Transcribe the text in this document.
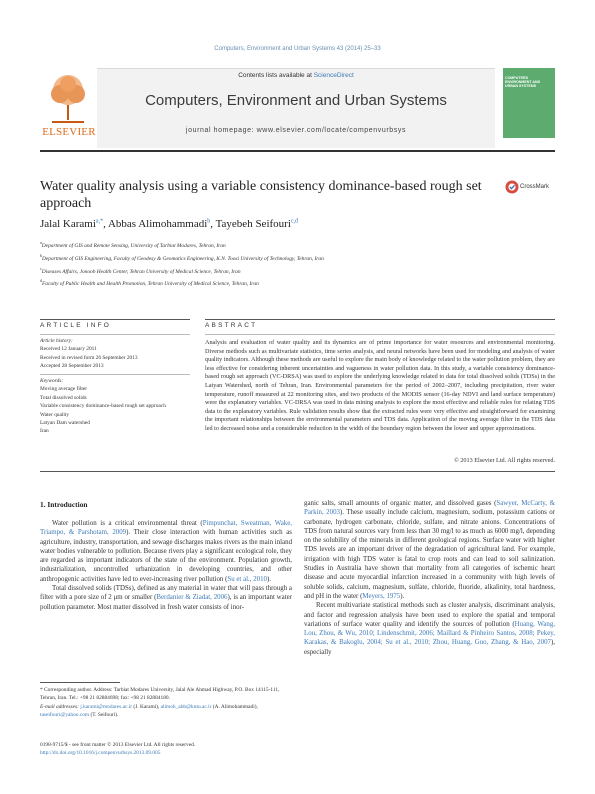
Computers, Environment and Urban Systems 43 (2014) 25–33
Contents lists available at ScienceDirect
Computers, Environment and Urban Systems
journal homepage: www.elsevier.com/locate/compenvurbsys
ELSEVIER
COMPUTERS ENVIRONMENT AND URBAN SYSTEMS
Water quality analysis using a variable consistency dominance-based rough set approach
CrossMark
Jalal Karami$^{a,*}$, Abbas Alimohammadi$^b$, Tayebeh Seifouri$^{c,d}$
$^a$Department of GIS and Remote Sensing, University of Tarbiat Modares, Tehran, Iran
$^b$Department of GIS Engineering, Faculty of Geodesy & Geomatics Engineering, K.N. Toosi University of Technology, Tehran, Iran
$^c$Diseases Affairs, Jonoob Health Center, Tehran University of Medical Science, Tehran, Iran
$^d$Faculty of Public Health and Health Promotion, Tehran University of Medical Science, Tehran, Iran
ARTICLE INFO	ABSTRACT
Article history:
Received 12 January 2011
Received in revised form 26 September 2013
Accepted 28 September 2013
Keywords:
Moving average filter
Total dissolved solids
Variable consistency dominance-based rough set approach
Water quality
Latyan Dam watershed
Iran
Analysis and evaluation of water quality and its dynamics are of prime importance for water resources and environmental monitoring. Diverse methods such as multivariate statistics, time series analysis, and neural networks have been used for modeling and analysis of water quality indicators. Although these methods are useful to explore the main body of knowledge related to the water pollution problem, they are less effective for considering inherent uncertainties and vagueness in water pollution data. In this study, a variable consistency dominance-based rough set approach (VC-DRSA) was used to explore the underlying knowledge related to data for total dissolved solids (TDSs) in the Latyan Watershed, north of Tehran, Iran. Environmental parameters for the period of 2002–2007, including precipitation, river water temperature, runoff measured at 22 monitoring sites, and two products of the MODIS sensor (16-day NDVI and land surface temperature) were the explanatory variables. VC-DRSA was used in data mining analysis to explore the most effective and reliable rules for relating TDS data to the explanatory variables. Rule validation results show that the extracted rules were very effective and straightforward for examining the important relationships between the environmental parameters and TDS data. Application of the moving average filter in the TDS data led to decreased noise and a considerable reduction in the width of the boundary region between the lower and upper approximations.
© 2013 Elsevier Ltd. All rights reserved.
1. Introduction

Water pollution is a critical environmental threat (Pimpunchat, Sweatman, Wake, Triampo, & Parshotam, 2009). Their close interaction with human activities such as agriculture, industry, transportation, and sewage discharges makes rivers as the main inland water bodies vulnerable to pollution. Because rivers play a significant ecological role, they are regarded as important indicators of the state of the environment. Population growth, industrialization, uncontrolled urbanization in developing countries, and other anthropogenic activities have led to ever-increasing river pollution (Su et al., 2010).

Total dissolved solids (TDSs), defined as any material in water that will pass through a filter with a pore size of 2 μm or smaller (Berdanier & Ziadat, 2006), is an important water pollution parameter. Most matter dissolved in fresh water consists of inor-

ganic salts, small amounts of organic matter, and dissolved gases (Sawyer, McCarty, & Parkin, 2003). These usually include calcium, magnesium, sodium, potassium cations or carbonate, hydrogen carbonate, chloride, sulfate, and nitrate anions. Concentrations of TDS from natural sources vary from less than 30 mg/l to as much as 6000 mg/l, depending on the solubility of the minerals in different geological regions. Surface water with higher TDS levels are an important driver of the degradation of agricultural land. For example, irrigation with high TDS water is fatal to crop roots and can lead to soil salinization. Studies in Australia have shown that mortality from all categories of ischemic heart disease and acute myocardial infarction increased in a community with high levels of soluble solids, calcium, magnesium, sulfate, chloride, fluoride, alkalinity, total hardness, and pH in the water (Meyers, 1975).

Recent multivariate statistical methods such as cluster analysis, discriminant analysis, and factor and regression analysis have been used to explore the spatial and temporal variations of surface water quality and identify the sources of pollution (Huang, Wang, Lou, Zhou, & Wu, 2010; Lindenschmit, 2006; Maillard & Pinheiro Santos, 2008; Pekey, Karakas, & Bakoglu, 2004; Su et al., 2010; Zhou, Huang, Guo, Zhang, & Hao, 2007), especially

* Corresponding author. Address: Tarbiat Modares University, Jalal Ale Ahmad Highway, P.O. Box 14115-111, Tehran, Iran. Tel.: +98 21 82884698; fax: +98 21 82884180.
E-mail addresses: j.karami@modares.ac.ir (J. Karami), alimoh_abb@kntu.ac.ir (A. Alimohammadi), taseifouri@yahoo.com (T. Seifouri).
0198-9715/$ - see front matter © 2013 Elsevier Ltd. All rights reserved.
http://dx.doi.org/10.1016/j.compenvurbsys.2013.09.005
